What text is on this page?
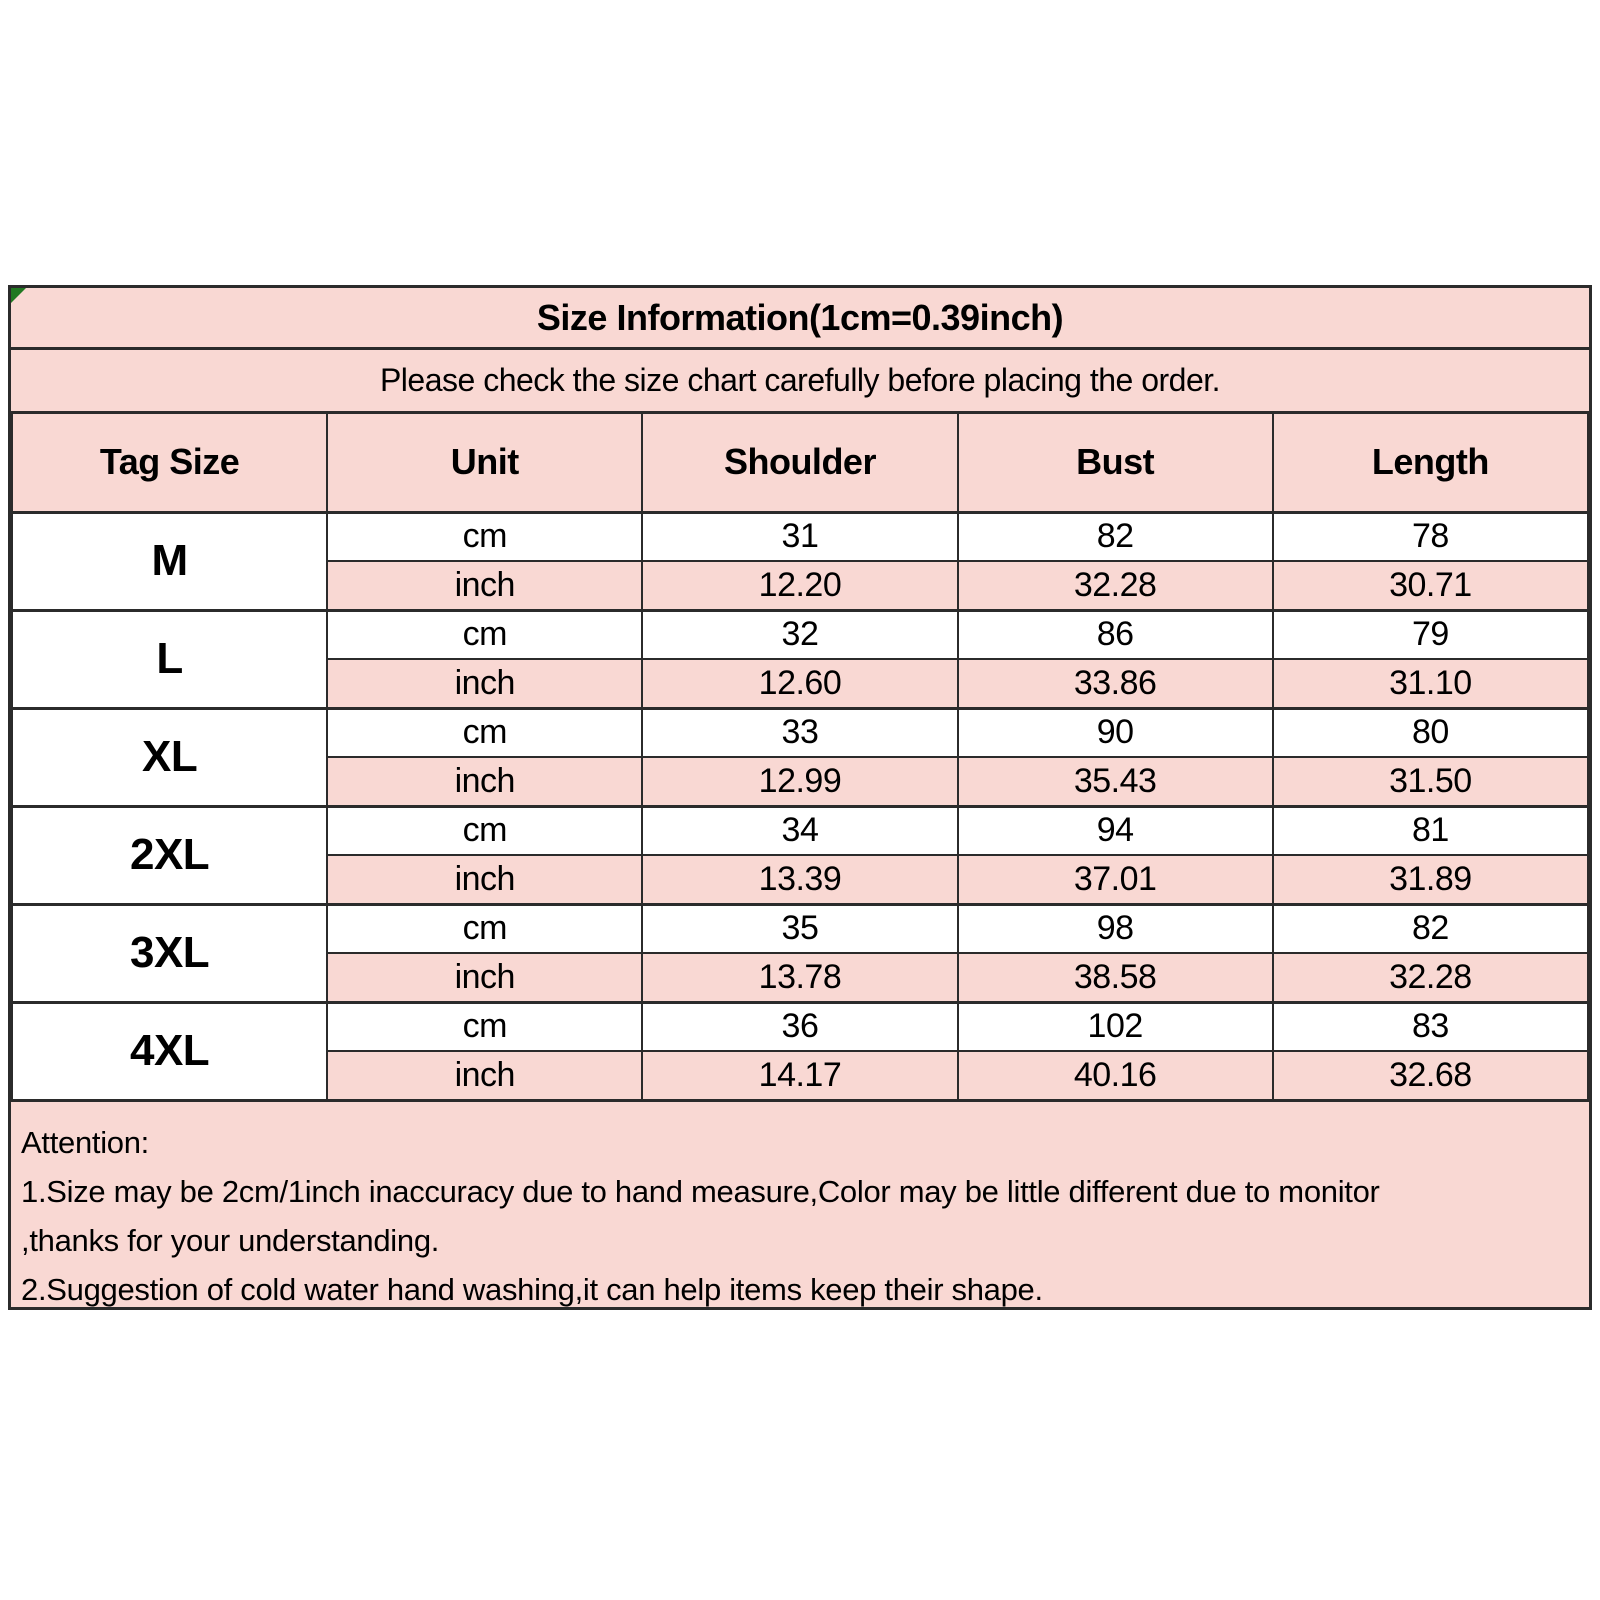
Size Information(1cm=0.39inch)
Please check the size chart carefully before placing the order.
Tag Size	Unit	Shoulder	Bust	Length
M	cm	31	82	78
	inch	12.20	32.28	30.71
L	cm	32	86	79
	inch	12.60	33.86	31.10
XL	cm	33	90	80
	inch	12.99	35.43	31.50
2XL	cm	34	94	81
	inch	13.39	37.01	31.89
3XL	cm	35	98	82
	inch	13.78	38.58	32.28
4XL	cm	36	102	83
	inch	14.17	40.16	32.68
Attention:
1.Size may be 2cm/1inch inaccuracy due to hand measure,Color may be little different due to monitor
,thanks for your understanding.
2.Suggestion of cold water hand washing,it can help items keep their shape.
